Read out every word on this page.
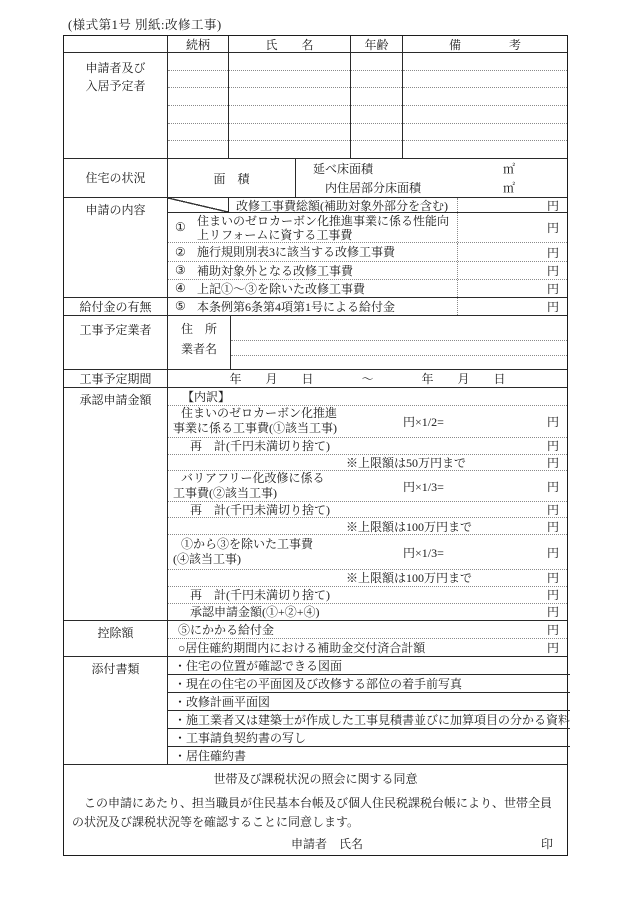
(様式第1号 別紙:改修工事)
続柄	氏　　名	年齢	備　　　　考
申請者及び
入居予定者
住宅の状況	面　積
延べ床面積	㎡
内住居部分床面積	㎡
申請の内容	改修工事費総額(補助対象外部分を含む)	円
① 住まいのゼロカーボン化推進事業に係る性能向上リフォームに資する工事費	円
② 施行規則別表3に該当する改修工事費	円
③ 補助対象外となる改修工事費	円
④ 上記①〜③を除いた改修工事費	円
給付金の有無	⑤ 本条例第6条第4項第1号による給付金	円
工事予定業者	住　所
業者名
工事予定期間	年　　月　　日　　　　～　　　　年　　月　　日
承認申請金額	【内訳】
住まいのゼロカーボン化推進
事業に係る工事費(①該当工事)	円×1/2=	円
再　計(千円未満切り捨て)	円
※上限額は50万円まで	円
バリアフリー化改修に係る
工事費(②該当工事)	円×1/3=	円
再　計(千円未満切り捨て)	円
※上限額は100万円まで	円
①から③を除いた工事費
(④該当工事)	円×1/3=	円
※上限額は100万円まで	円
再　計(千円未満切り捨て)	円
承認申請金額(①+②+④)	円
控除額	⑤にかかる給付金	円
○居住確約期間内における補助金交付済合計額	円
添付書類	・住宅の位置が確認できる図面
・現在の住宅の平面図及び改修する部位の着手前写真
・改修計画平面図
・施工業者又は建築士が作成した工事見積書並びに加算項目の分かる資料
・工事請負契約書の写し
・居住確約書
世帯及び課税状況の照会に関する同意
この申請にあたり、担当職員が住民基本台帳及び個人住民税課税台帳により、世帯全員の状況及び課税状況等を確認することに同意します。
申請者　氏名	印
